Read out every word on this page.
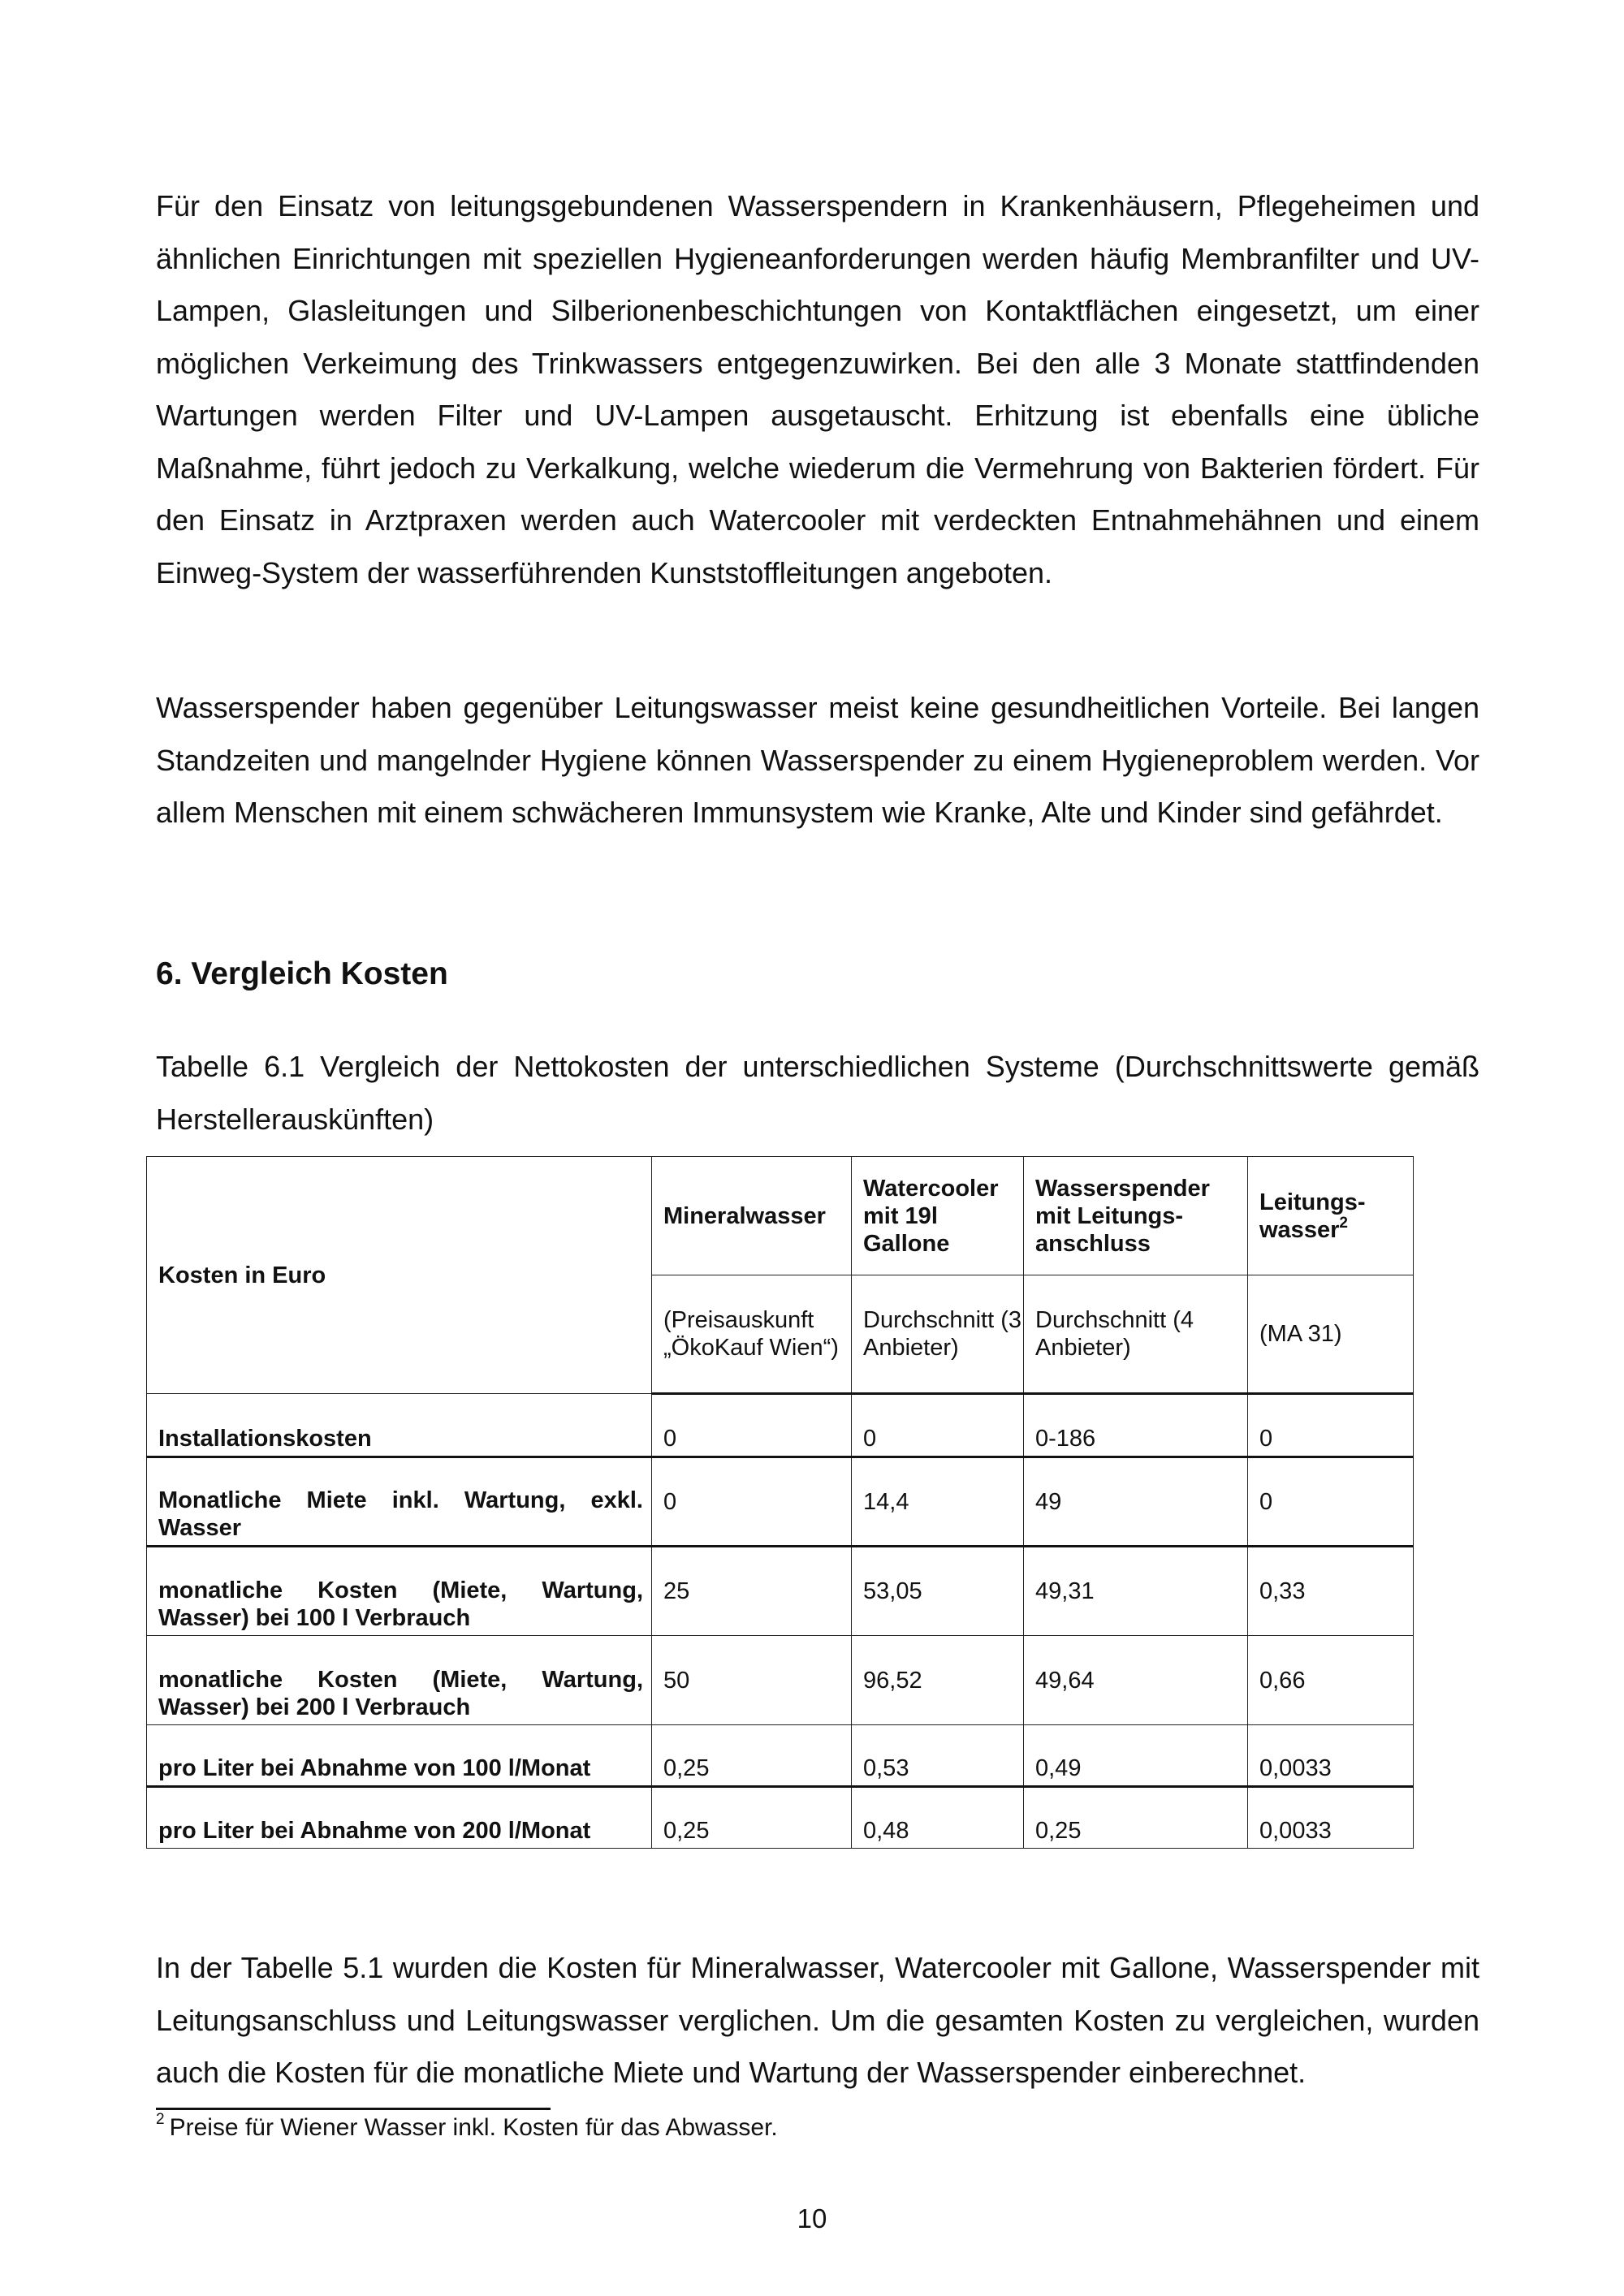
Für den Einsatz von leitungsgebundenen Wasserspendern in Krankenhäusern, Pflegeheimen und ähnlichen Einrichtungen mit speziellen Hygieneanforderungen werden häufig Membranfilter und UV-Lampen, Glasleitungen und Silberionenbeschichtungen von Kontaktflächen eingesetzt, um einer möglichen Verkeimung des Trinkwassers entgegenzuwirken. Bei den alle 3 Monate stattfindenden Wartungen werden Filter und UV-Lampen ausgetauscht. Erhitzung ist ebenfalls eine übliche Maßnahme, führt jedoch zu Verkalkung, welche wiederum die Vermehrung von Bakterien fördert. Für den Einsatz in Arztpraxen werden auch Watercooler mit verdeckten Entnahmehähnen und einem Einweg-System der wasserführenden Kunststoffleitungen angeboten.

Wasserspender haben gegenüber Leitungswasser meist keine gesundheitlichen Vorteile. Bei langen Standzeiten und mangelnder Hygiene können Wasserspender zu einem Hygieneproblem werden. Vor allem Menschen mit einem schwächeren Immunsystem wie Kranke, Alte und Kinder sind gefährdet.

6. Vergleich Kosten

Tabelle 6.1 Vergleich der Nettokosten der unterschiedlichen Systeme (Durchschnittswerte gemäß Herstellerauskünften)

Kosten in Euro	Mineralwasser	Watercooler mit 19l Gallone	Wasserspender mit Leitungs-anschluss	Leitungs-wasser$^2$
	(Preisauskunft „ÖkoKauf Wien“)	Durchschnitt (3 Anbieter)	Durchschnitt (4 Anbieter)	(MA 31)
Installationskosten	0	0	0-186	0
Monatliche Miete inkl. Wartung, exkl. Wasser	0	14,4	49	0
monatliche Kosten (Miete, Wartung, Wasser) bei 100 l Verbrauch	25	53,05	49,31	0,33
monatliche Kosten (Miete, Wartung, Wasser) bei 200 l Verbrauch	50	96,52	49,64	0,66
pro Liter bei Abnahme von 100 l/Monat	0,25	0,53	0,49	0,0033
pro Liter bei Abnahme von 200 l/Monat	0,25	0,48	0,25	0,0033

In der Tabelle 5.1 wurden die Kosten für Mineralwasser, Watercooler mit Gallone, Wasserspender mit Leitungsanschluss und Leitungswasser verglichen. Um die gesamten Kosten zu vergleichen, wurden auch die Kosten für die monatliche Miete und Wartung der Wasserspender einberechnet.

$^2$ Preise für Wiener Wasser inkl. Kosten für das Abwasser.

10
